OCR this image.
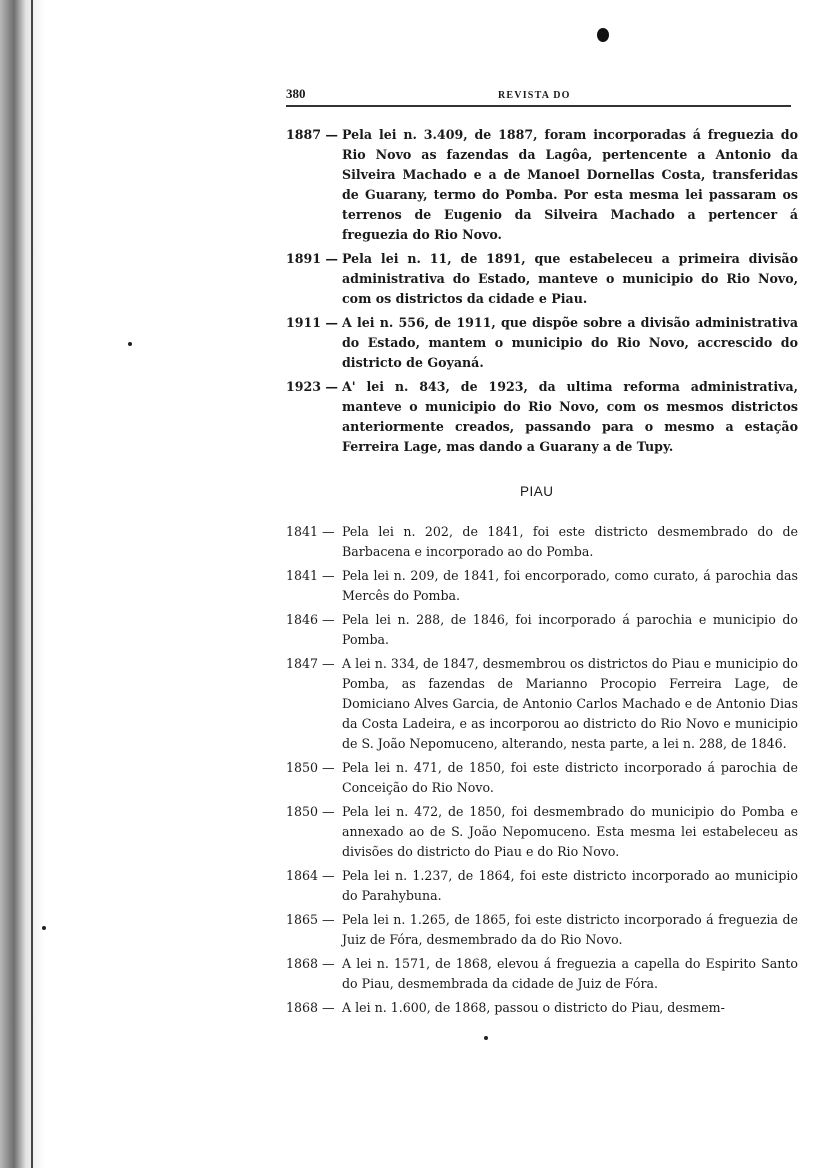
380	REVISTA DO
1887 — Pela lei n. 3.409, de 1887, foram incorporadas á freguezia do Rio Novo as fazendas da Lagôa, pertencente a Antonio da Silveira Machado e a de Manoel Dornellas Costa, transferidas de Guarany, termo do Pomba. Por esta mesma lei passaram os terrenos de Eugenio da Silveira Machado a pertencer á freguezia do Rio Novo.
1891 — Pela lei n. 11, de 1891, que estabeleceu a primeira divisão administrativa do Estado, manteve o municipio do Rio Novo, com os districtos da cidade e Piau.
1911 — A lei n. 556, de 1911, que dispõe sobre a divisão administrativa do Estado, mantem o municipio do Rio Novo, accrescido do districto de Goyaná.
1923 — A' lei n. 843, de 1923, da ultima reforma administrativa, manteve o municipio do Rio Novo, com os mesmos districtos anteriormente creados, passando para o mesmo a estação Ferreira Lage, mas dando a Guarany a de Tupy.
PIAU
1841 — Pela lei n. 202, de 1841, foi este districto desmembrado do de Barbacena e incorporado ao do Pomba.
1841 — Pela lei n. 209, de 1841, foi encorporado, como curato, á parochia das Mercês do Pomba.
1846 — Pela lei n. 288, de 1846, foi incorporado á parochia e municipio do Pomba.
1847 — A lei n. 334, de 1847, desmembrou os districtos do Piau e municipio do Pomba, as fazendas de Marianno Procopio Ferreira Lage, de Domiciano Alves Garcia, de Antonio Carlos Machado e de Antonio Dias da Costa Ladeira, e as incorporou ao districto do Rio Novo e municipio de S. João Nepomuceno, alterando, nesta parte, a lei n. 288, de 1846.
1850 — Pela lei n. 471, de 1850, foi este districto incorporado á parochia de Conceição do Rio Novo.
1850 — Pela lei n. 472, de 1850, foi desmembrado do municipio do Pomba e annexado ao de S. João Nepomuceno. Esta mesma lei estabeleceu as divisões do districto do Piau e do Rio Novo.
1864 — Pela lei n. 1.237, de 1864, foi este districto incorporado ao municipio do Parahybuna.
1865 — Pela lei n. 1.265, de 1865, foi este districto incorporado á freguezia de Juiz de Fóra, desmembrado da do Rio Novo.
1868 — A lei n. 1571, de 1868, elevou á freguezia a capella do Espirito Santo do Piau, desmembrada da cidade de Juiz de Fóra.
1868 — A lei n. 1.600, de 1868, passou o districto do Piau, desmem-
